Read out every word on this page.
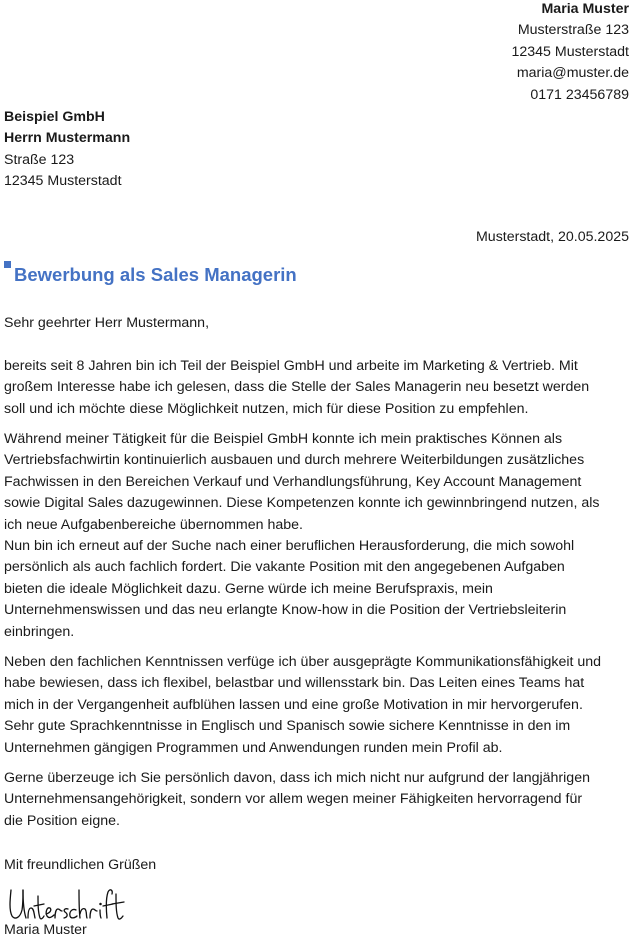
Maria Muster
Musterstraße 123
12345 Musterstadt
maria@muster.de
0171 23456789
Beispiel GmbH
Herrn Mustermann
Straße 123
12345 Musterstadt
Musterstadt, 20.05.2025
Bewerbung als Sales Managerin
Sehr geehrter Herr Mustermann,
bereits seit 8 Jahren bin ich Teil der Beispiel GmbH und arbeite im Marketing & Vertrieb. Mit
großem Interesse habe ich gelesen, dass die Stelle der Sales Managerin neu besetzt werden
soll und ich möchte diese Möglichkeit nutzen, mich für diese Position zu empfehlen.
Während meiner Tätigkeit für die Beispiel GmbH konnte ich mein praktisches Können als
Vertriebsfachwirtin kontinuierlich ausbauen und durch mehrere Weiterbildungen zusätzliches
Fachwissen in den Bereichen Verkauf und Verhandlungsführung, Key Account Management
sowie Digital Sales dazugewinnen. Diese Kompetenzen konnte ich gewinnbringend nutzen, als
ich neue Aufgabenbereiche übernommen habe.
Nun bin ich erneut auf der Suche nach einer beruflichen Herausforderung, die mich sowohl
persönlich als auch fachlich fordert. Die vakante Position mit den angegebenen Aufgaben
bieten die ideale Möglichkeit dazu. Gerne würde ich meine Berufspraxis, mein
Unternehmenswissen und das neu erlangte Know-how in die Position der Vertriebsleiterin
einbringen.
Neben den fachlichen Kenntnissen verfüge ich über ausgeprägte Kommunikationsfähigkeit und
habe bewiesen, dass ich flexibel, belastbar und willensstark bin. Das Leiten eines Teams hat
mich in der Vergangenheit aufblühen lassen und eine große Motivation in mir hervorgerufen.
Sehr gute Sprachkenntnisse in Englisch und Spanisch sowie sichere Kenntnisse in den im
Unternehmen gängigen Programmen und Anwendungen runden mein Profil ab.
Gerne überzeuge ich Sie persönlich davon, dass ich mich nicht nur aufgrund der langjährigen
Unternehmensangehörigkeit, sondern vor allem wegen meiner Fähigkeiten hervorragend für
die Position eigne.
Mit freundlichen Grüßen
Maria Muster
